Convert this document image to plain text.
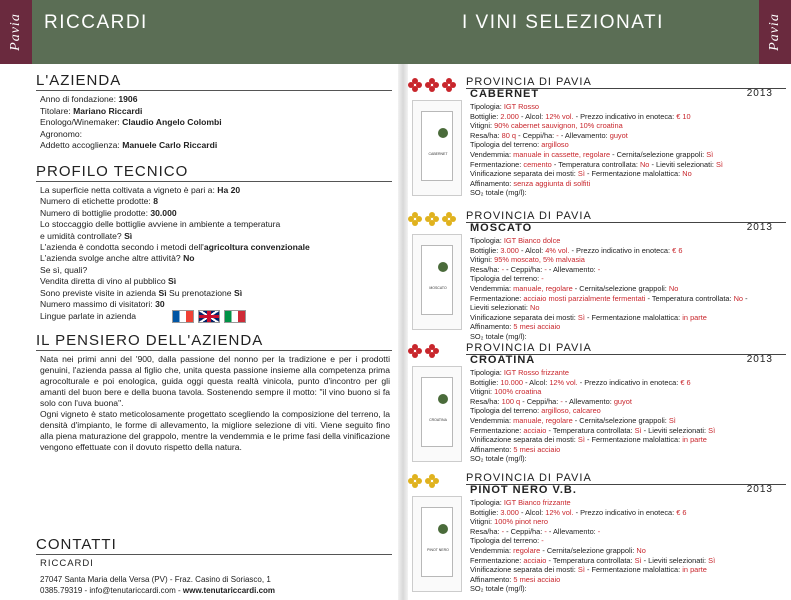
Pavia	Pavia
RICCARDI	I VINI SELEZIONATI
L'AZIENDA
Anno di fondazione: 1906
Titolare: Mariano Riccardi
Enologo/Winemaker: Claudio Angelo Colombi
Agronomo:
Addetto accoglienza: Manuele Carlo Riccardi
PROFILO TECNICO
La superficie netta coltivata a vigneto è pari a: Ha 20
Numero di etichette prodotte: 8
Numero di bottiglie prodotte: 30.000
Lo stoccaggio delle bottiglie avviene in ambiente a temperatura
e umidità controllate? Sì
L'azienda è condotta secondo i metodi dell'agricoltura convenzionale
L'azienda svolge anche altre attività? No
Se sì, quali?
Vendita diretta di vino al pubblico Sì
Sono previste visite in azienda Sì Su prenotazione Sì
Numero massimo di visitatori: 30
Lingue parlate in azienda
IL PENSIERO DELL'AZIENDA
Nata nei primi anni del '900, dalla passione del nonno per la tradizione e per i prodotti genuini, l'azienda passa al figlio che, unita questa passione insieme alla competenza prima agrocolturale e poi enologica, guida oggi questa realtà vinicola, punto d'incontro per gli amanti del buon bere e della buona tavola. Sostenendo sempre il motto: "il vino buono si fa solo con l'uva buona".
Ogni vigneto è stato meticolosamente progettato scegliendo la composizione del terreno, la densità d'impianto, le forme di allevamento, la migliore selezione di viti. Viene seguito fino alla piena maturazione del grappolo, mentre la vendemmia e le prime fasi della vinificazione vengono effettuate con il dovuto rispetto della natura.
CONTATTI
RICCARDI
27047 Santa Maria della Versa (PV) - Fraz. Casino di Soriasco, 1
0385.79319 - info@tenutariccardi.com - www.tenutariccardi.com
CABERNET
PROVINCIA DI PAVIA
CABERNET	2013
Tipologia: IGT Rosso
Bottiglie: 2.000 - Alcol: 12% vol. - Prezzo indicativo in enoteca: € 10
Vitigni: 90% cabernet sauvignon, 10% croatina
Resa/ha: 80 q - Ceppi/ha: - - Allevamento: guyot
Tipologia del terreno: argilloso
Vendemmia: manuale in cassette, regolare - Cernita/selezione grappoli: Sì
Fermentazione: cemento - Temperatura controllata: No - Lieviti selezionati: Sì
Vinificazione separata dei mosti: Sì - Fermentazione malolattica: No
Affinamento: senza aggiunta di solfiti
SO₂ totale (mg/l):
MOSCATO
PROVINCIA DI PAVIA
MOSCATO	2013
Tipologia: IGT Bianco dolce
Bottiglie: 3.000 - Alcol: 4% vol. - Prezzo indicativo in enoteca: € 6
Vitigni: 95% moscato, 5% malvasia
Resa/ha: - - Ceppi/ha: - - Allevamento: -
Tipologia del terreno: -
Vendemmia: manuale, regolare - Cernita/selezione grappoli: No
Fermentazione: acciaio mosti parzialmente fermentati - Temperatura controllata: No -
Lieviti selezionati: No
Vinificazione separata dei mosti: Sì - Fermentazione malolattica: in parte
Affinamento: 5 mesi acciaio
SO₂ totale (mg/l):
CROATINA
PROVINCIA DI PAVIA
CROATINA	2013
Tipologia: IGT Rosso frizzante
Bottiglie: 10.000 - Alcol: 12% vol. - Prezzo indicativo in enoteca: € 6
Vitigni: 100% croatina
Resa/ha: 100 q - Ceppi/ha: - - Allevamento: guyot
Tipologia del terreno: argilloso, calcareo
Vendemmia: manuale, regolare - Cernita/selezione grappoli: Sì
Fermentazione: acciaio - Temperatura controllata: Sì - Lieviti selezionati: Sì
Vinificazione separata dei mosti: Sì - Fermentazione malolattica: in parte
Affinamento: 5 mesi acciaio
SO₂ totale (mg/l):
PINOT NERO
PROVINCIA DI PAVIA
PINOT NERO V.B.	2013
Tipologia: IGT Bianco frizzante
Bottiglie: 3.000 - Alcol: 12% vol. - Prezzo indicativo in enoteca: € 6
Vitigni: 100% pinot nero
Resa/ha: - - Ceppi/ha: - - Allevamento: -
Tipologia del terreno: -
Vendemmia: regolare - Cernita/selezione grappoli: No
Fermentazione: acciaio - Temperatura controllata: Sì - Lieviti selezionati: Sì
Vinificazione separata dei mosti: Sì - Fermentazione malolattica: in parte
Affinamento: 5 mesi acciaio
SO₂ totale (mg/l):
